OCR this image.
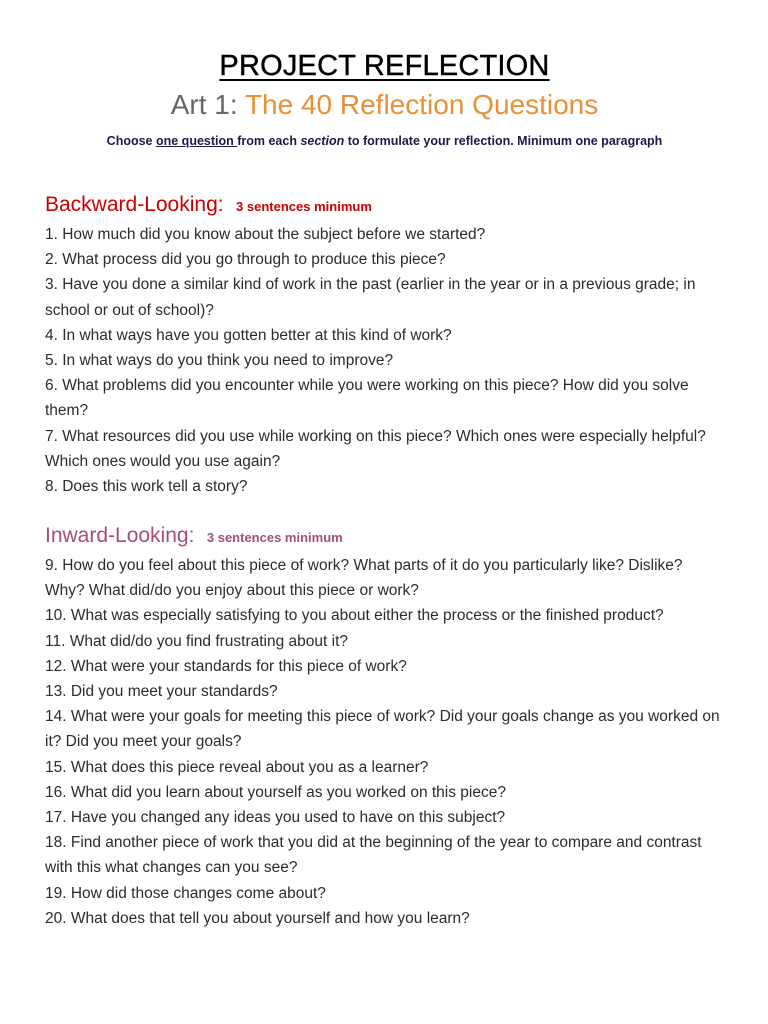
PROJECT REFLECTION

Art 1: The 40 Reflection Questions

Choose one question from each section to formulate your reflection. Minimum one paragraph

Backward-Looking: 3 sentences minimum

1. How much did you know about the subject before we started?
2. What process did you go through to produce this piece?
3. Have you done a similar kind of work in the past (earlier in the year or in a previous grade; in school or out of school)?
4. In what ways have you gotten better at this kind of work?
5. In what ways do you think you need to improve?
6. What problems did you encounter while you were working on this piece? How did you solve them?
7. What resources did you use while working on this piece? Which ones were especially helpful? Which ones would you use again?
8. Does this work tell a story?

Inward-Looking: 3 sentences minimum

9. How do you feel about this piece of work? What parts of it do you particularly like? Dislike? Why? What did/do you enjoy about this piece or work?
10. What was especially satisfying to you about either the process or the finished product?
11. What did/do you find frustrating about it?
12. What were your standards for this piece of work?
13. Did you meet your standards?
14. What were your goals for meeting this piece of work? Did your goals change as you worked on it? Did you meet your goals?
15. What does this piece reveal about you as a learner?
16. What did you learn about yourself as you worked on this piece?
17. Have you changed any ideas you used to have on this subject?
18. Find another piece of work that you did at the beginning of the year to compare and contrast with this what changes can you see?
19. How did those changes come about?
20. What does that tell you about yourself and how you learn?
